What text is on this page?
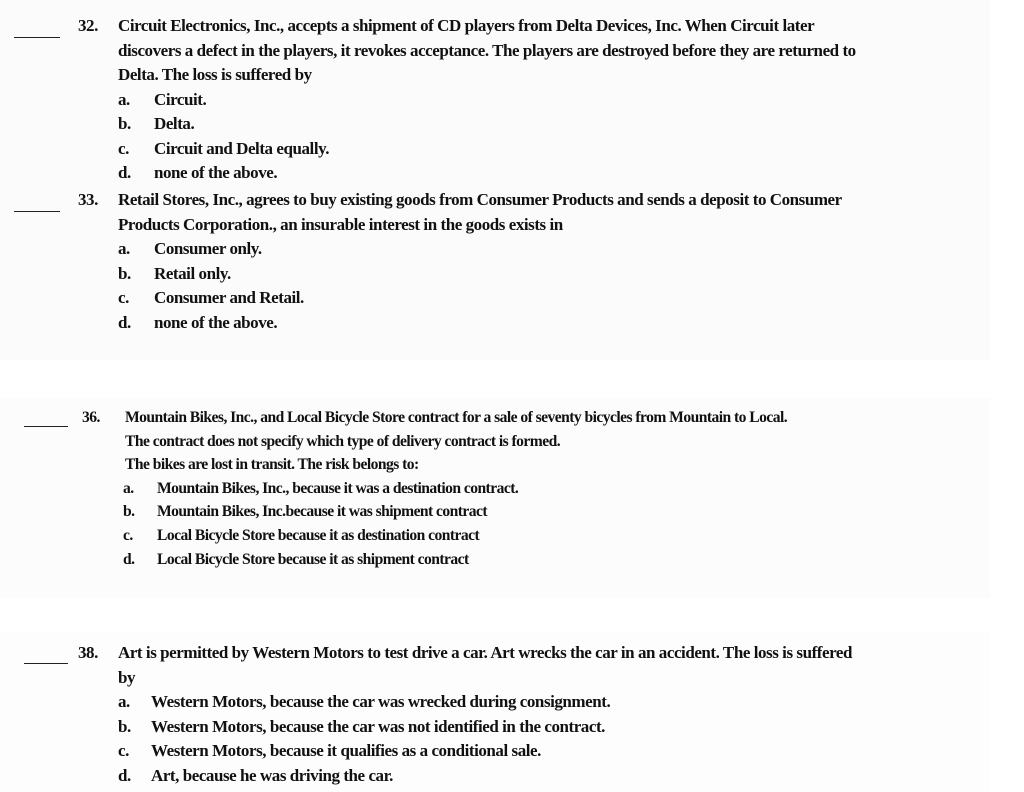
32. Circuit Electronics, Inc., accepts a shipment of CD players from Delta Devices, Inc. When Circuit later
discovers a defect in the players, it revokes acceptance. The players are destroyed before they are returned to
Delta. The loss is suffered by
a. Circuit.
b. Delta.
c. Circuit and Delta equally.
d. none of the above.
33. Retail Stores, Inc., agrees to buy existing goods from Consumer Products and sends a deposit to Consumer
Products Corporation., an insurable interest in the goods exists in
a. Consumer only.
b. Retail only.
c. Consumer and Retail.
d. none of the above.
36. Mountain Bikes, Inc., and Local Bicycle Store contract for a sale of seventy bicycles from Mountain to Local.
The contract does not specify which type of delivery contract is formed.
The bikes are lost in transit. The risk belongs to:
a. Mountain Bikes, Inc., because it was a destination contract.
b. Mountain Bikes, Inc.because it was shipment contract
c. Local Bicycle Store because it as destination contract
d. Local Bicycle Store because it as shipment contract
38. Art is permitted by Western Motors to test drive a car. Art wrecks the car in an accident. The loss is suffered
by
a. Western Motors, because the car was wrecked during consignment.
b. Western Motors, because the car was not identified in the contract.
c. Western Motors, because it qualifies as a conditional sale.
d. Art, because he was driving the car.
